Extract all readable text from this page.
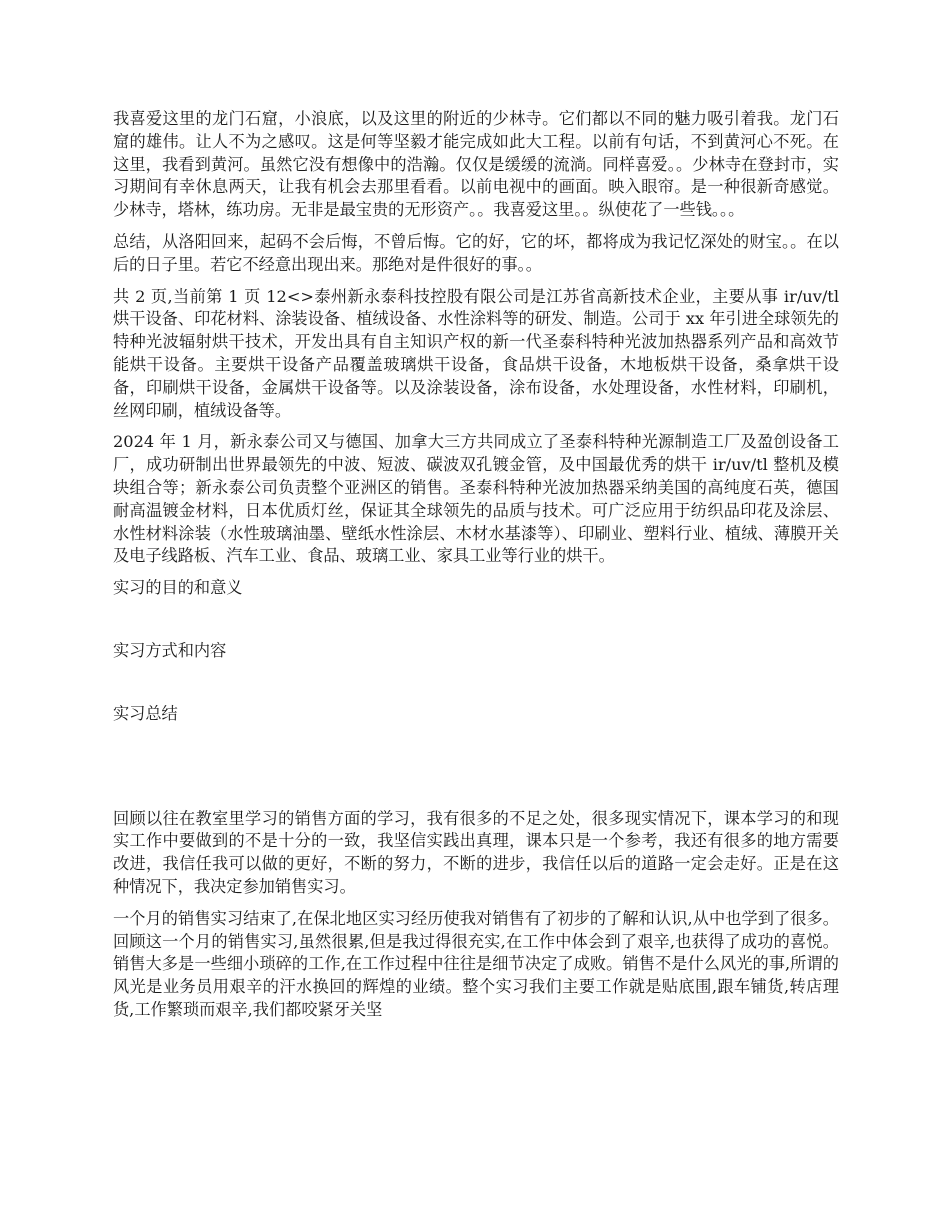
我喜爱这里的龙门石窟，小浪底，以及这里的附近的少林寺。它们都以不同的魅力吸引着我。龙门石窟的雄伟。让人不为之感叹。这是何等坚毅才能完成如此大工程。以前有句话，不到黄河心不死。在这里，我看到黄河。虽然它没有想像中的浩瀚。仅仅是缓缓的流淌。同样喜爱。。少林寺在登封市，实习期间有幸休息两天，让我有机会去那里看看。以前电视中的画面。映入眼帘。是一种很新奇感觉。少林寺，塔林，练功房。无非是最宝贵的无形资产。。我喜爱这里。。纵使花了一些钱。。。

总结，从洛阳回来，起码不会后悔，不曾后悔。它的好，它的坏，都将成为我记忆深处的财宝。。在以后的日子里。若它不经意出现出来。那绝对是件很好的事。。

共 2 页,当前第 1 页 12<>泰州新永泰科技控股有限公司是江苏省高新技术企业，主要从事 ir/uv/tl 烘干设备、印花材料、涂装设备、植绒设备、水性涂料等的研发、制造。公司于 xx 年引进全球领先的特种光波辐射烘干技术，开发出具有自主知识产权的新一代圣泰科特种光波加热器系列产品和高效节能烘干设备。主要烘干设备产品覆盖玻璃烘干设备，食品烘干设备，木地板烘干设备，桑拿烘干设备，印刷烘干设备，金属烘干设备等。以及涂装设备，涂布设备，水处理设备，水性材料，印刷机，丝网印刷，植绒设备等。

2024 年 1 月，新永泰公司又与德国、加拿大三方共同成立了圣泰科特种光源制造工厂及盈创设备工厂，成功研制出世界最领先的中波、短波、碳波双孔镀金管，及中国最优秀的烘干 ir/uv/tl 整机及模块组合等；新永泰公司负责整个亚洲区的销售。圣泰科特种光波加热器采纳美国的高纯度石英，德国耐高温镀金材料，日本优质灯丝，保证其全球领先的品质与技术。可广泛应用于纺织品印花及涂层、水性材料涂装（水性玻璃油墨、壁纸水性涂层、木材水基漆等）、印刷业、塑料行业、植绒、薄膜开关及电子线路板、汽车工业、食品、玻璃工业、家具工业等行业的烘干。

实习的目的和意义
实习方式和内容
实习总结

回顾以往在教室里学习的销售方面的学习，我有很多的不足之处，很多现实情况下，课本学习的和现实工作中要做到的不是十分的一致，我坚信实践出真理，课本只是一个参考，我还有很多的地方需要改进，我信任我可以做的更好，不断的努力，不断的进步，我信任以后的道路一定会走好。正是在这种情况下，我决定参加销售实习。

一个月的销售实习结束了,在保北地区实习经历使我对销售有了初步的了解和认识,从中也学到了很多。回顾这一个月的销售实习,虽然很累,但是我过得很充实,在工作中体会到了艰辛,也获得了成功的喜悦。销售大多是一些细小琐碎的工作,在工作过程中往往是细节决定了成败。销售不是什么风光的事,所谓的风光是业务员用艰辛的汗水换回的辉煌的业绩。整个实习我们主要工作就是贴底围,跟车铺货,转店理货,工作繁琐而艰辛,我们都咬紧牙关坚
